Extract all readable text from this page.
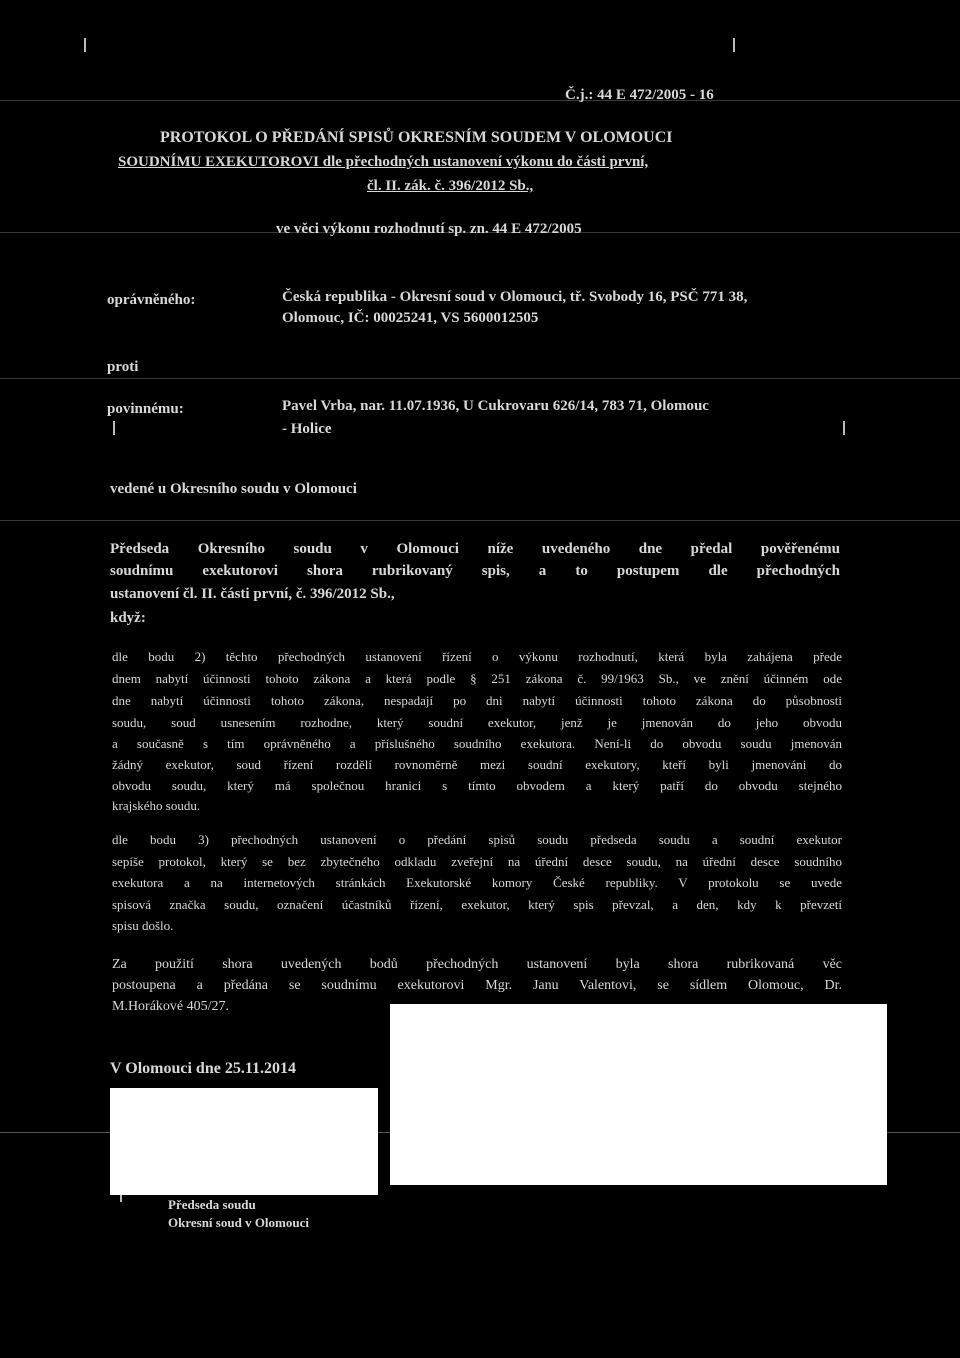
Č.j.: 44 E 472/2005 - 16
PROTOKOL O PŘEDÁNÍ SPISŮ OKRESNÍM SOUDEM V OLOMOUCI
SOUDNÍMU EXEKUTOROVI dle přechodných ustanovení výkonu do části první,
čl. II. zák. č. 396/2012 Sb.,
ve věci výkonu rozhodnutí sp. zn. 44 E 472/2005
oprávněného:	Česká republika - Okresní soud v Olomouci, tř. Svobody 16, PSČ 771 38,
Olomouc, IČ: 00025241, VS 5600012505
proti
povinnému:	Pavel Vrba, nar. 11.07.1936, U Cukrovaru 626/14, 783 71, Olomouc
- Holice
vedené u Okresního soudu v Olomouci
Předseda Okresního soudu v Olomouci níže uvedeného dne předal pověřenému
soudnímu exekutorovi shora rubrikovaný spis, a to postupem dle přechodných
ustanovení čl. II. části první, č. 396/2012 Sb.,
když:
dle bodu 2) těchto přechodných ustanovení řízení o výkonu rozhodnutí, která byla zahájena přede
dnem nabytí účinnosti tohoto zákona a která podle § 251 zákona č. 99/1963 Sb., ve znění účinném ode
dne nabytí účinnosti tohoto zákona, nespadají po dni nabytí účinnosti tohoto zákona do působnosti
soudu, soud usnesením rozhodne, který soudní exekutor, jenž je jmenován do jeho obvodu
a současně s tím oprávněného a příslušného soudního exekutora. Není-li do obvodu soudu jmenován
žádný exekutor, soud řízení rozdělí rovnoměrně mezi soudní exekutory, kteří byli jmenováni do
obvodu soudu, který má společnou hranici s tímto obvodem a který patří do obvodu stejného
krajského soudu.
dle bodu 3) přechodných ustanovení o předání spisů soudu předseda soudu a soudní exekutor
sepíše protokol, který se bez zbytečného odkladu zveřejní na úřední desce soudu, na úřední desce soudního
exekutora a na internetových stránkách Exekutorské komory České republiky. V protokolu se uvede
spisová značka soudu, označení účastníků řízení, exekutor, který spis převzal, a den, kdy k převzetí
spisu došlo.
Za použití shora uvedených bodů přechodných ustanovení byla shora rubrikovaná věc
postoupena a předána se soudnímu exekutorovi Mgr. Janu Valentovi, se sídlem Olomouc, Dr.
M.Horákové 405/27.
V Olomouci dne 25.11.2014
Předseda soudu
Okresní soud v Olomouci
